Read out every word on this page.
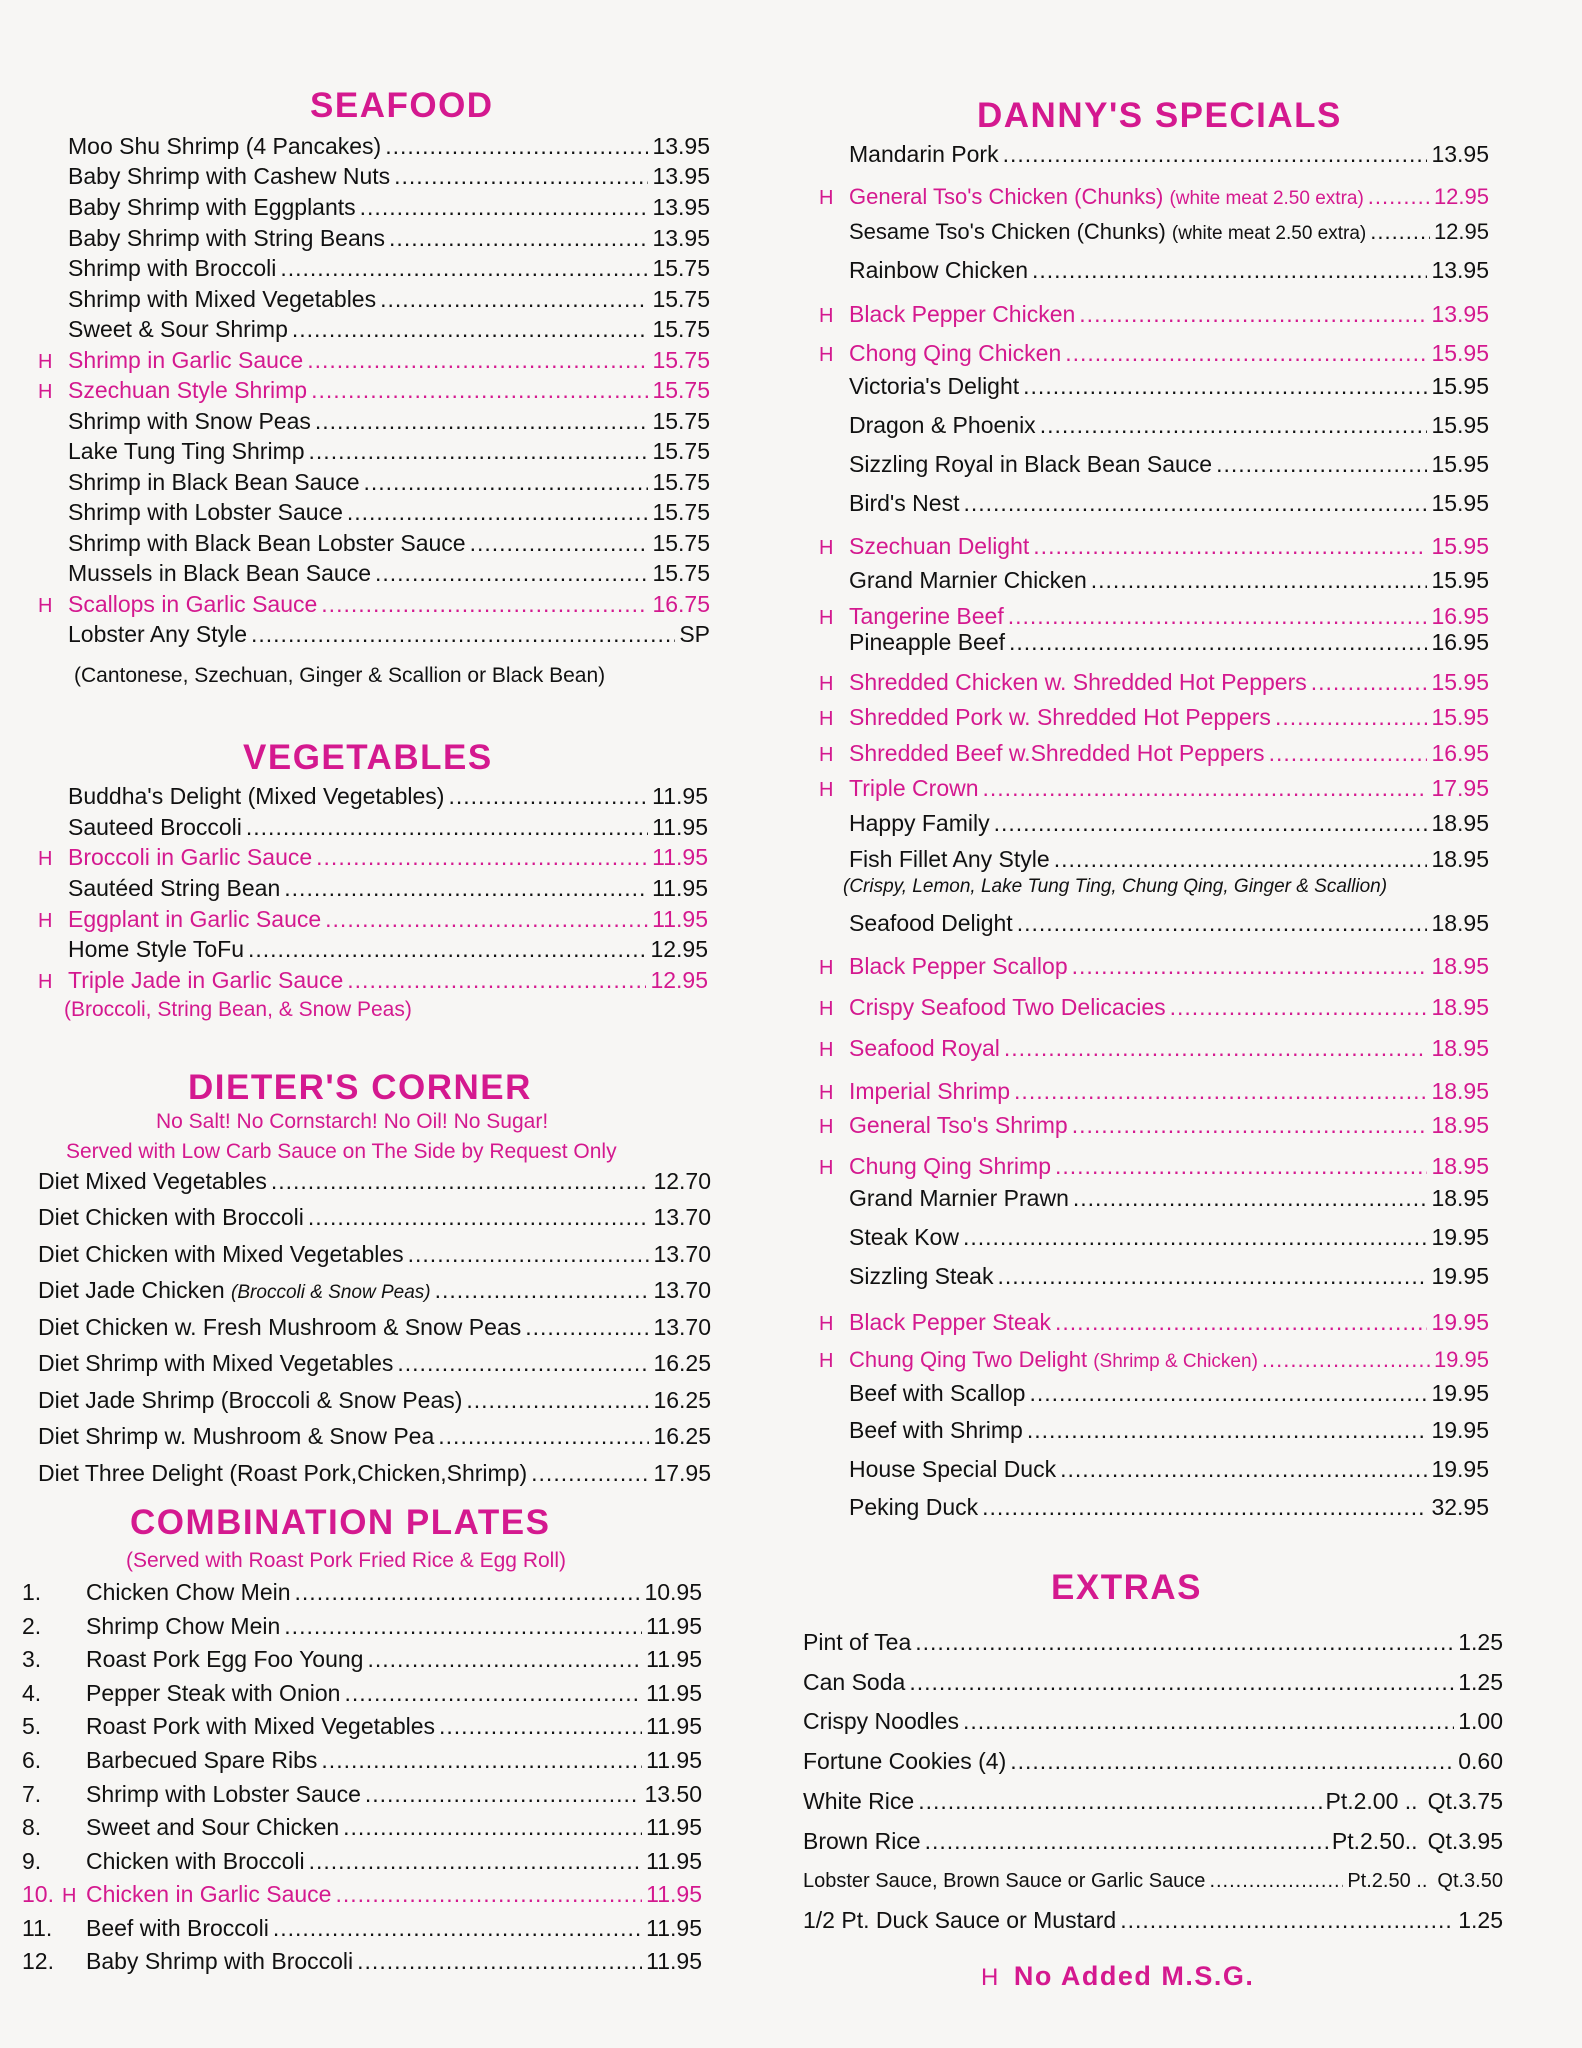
SEAFOOD
Moo Shu Shrimp (4 Pancakes) .....	13.95
Baby Shrimp with Cashew Nuts .....	13.95
Baby Shrimp with Eggplants .....	13.95
Baby Shrimp with String Beans .....	13.95
Shrimp with Broccoli .....	15.75
Shrimp with Mixed Vegetables .....	15.75
Sweet & Sour Shrimp .....	15.75
H Shrimp in Garlic Sauce .....	15.75
H Szechuan Style Shrimp .....	15.75
Shrimp with Snow Peas .....	15.75
Lake Tung Ting Shrimp .....	15.75
Shrimp in Black Bean Sauce .....	15.75
Shrimp with Lobster Sauce .....	15.75
Shrimp with Black Bean Lobster Sauce .....	15.75
Mussels in Black Bean Sauce .....	15.75
H Scallops in Garlic Sauce .....	16.75
Lobster Any Style .....	SP
(Cantonese, Szechuan, Ginger & Scallion or Black Bean)
VEGETABLES
Buddha's Delight (Mixed Vegetables) .....	11.95
Sauteed Broccoli .....	11.95
H Broccoli in Garlic Sauce .....	11.95
Sautéed String Bean .....	11.95
H Eggplant in Garlic Sauce .....	11.95
Home Style ToFu .....	12.95
H Triple Jade in Garlic Sauce .....	12.95
(Broccoli, String Bean, & Snow Peas)
DIETER'S CORNER
No Salt! No Cornstarch! No Oil! No Sugar!
Served with Low Carb Sauce on The Side by Request Only
Diet Mixed Vegetables .....	12.70
Diet Chicken with Broccoli .....	13.70
Diet Chicken with Mixed Vegetables .....	13.70
Diet Jade Chicken (Broccoli & Snow Peas) .....	13.70
Diet Chicken w. Fresh Mushroom & Snow Peas .....	13.70
Diet Shrimp with Mixed Vegetables .....	16.25
Diet Jade Shrimp (Broccoli & Snow Peas) .....	16.25
Diet Shrimp w. Mushroom & Snow Pea .....	16.25
Diet Three Delight (Roast Pork,Chicken,Shrimp) .....	17.95
COMBINATION PLATES
(Served with Roast Pork Fried Rice & Egg Roll)
1.	Chicken Chow Mein .....	10.95
2.	Shrimp Chow Mein .....	11.95
3.	Roast Pork Egg Foo Young .....	11.95
4.	Pepper Steak with Onion .....	11.95
5.	Roast Pork with Mixed Vegetables .....	11.95
6.	Barbecued Spare Ribs .....	11.95
7.	Shrimp with Lobster Sauce .....	13.50
8.	Sweet and Sour Chicken .....	11.95
9.	Chicken with Broccoli .....	11.95
10. H Chicken in Garlic Sauce .....	11.95
11.	Beef with Broccoli .....	11.95
12.	Baby Shrimp with Broccoli .....	11.95
DANNY'S SPECIALS
Mandarin Pork .....	13.95
H General Tso's Chicken (Chunks) (white meat 2.50 extra) .....	12.95
Sesame Tso's Chicken (Chunks) (white meat 2.50 extra) .....	12.95
Rainbow Chicken .....	13.95
H Black Pepper Chicken .....	13.95
H Chong Qing Chicken .....	15.95
Victoria's Delight .....	15.95
Dragon & Phoenix .....	15.95
Sizzling Royal in Black Bean Sauce .....	15.95
Bird's Nest .....	15.95
H Szechuan Delight .....	15.95
Grand Marnier Chicken .....	15.95
H Tangerine Beef .....	16.95
Pineapple Beef .....	16.95
H Shredded Chicken w. Shredded Hot Peppers .....	15.95
H Shredded Pork w. Shredded Hot Peppers .....	15.95
H Shredded Beef w.Shredded Hot Peppers .....	16.95
H Triple Crown .....	17.95
Happy Family .....	18.95
Fish Fillet Any Style .....	18.95
Seafood Delight .....	18.95
H Black Pepper Scallop .....	18.95
H Crispy Seafood Two Delicacies .....	18.95
H Seafood Royal .....	18.95
H Imperial Shrimp .....	18.95
H General Tso's Shrimp .....	18.95
H Chung Qing Shrimp .....	18.95
Grand Marnier Prawn .....	18.95
Steak Kow .....	19.95
Sizzling Steak .....	19.95
H Black Pepper Steak .....	19.95
H Chung Qing Two Delight (Shrimp & Chicken) .....	19.95
Beef with Scallop .....	19.95
Beef with Shrimp .....	19.95
House Special Duck .....	19.95
Peking Duck .....	32.95
(Crispy, Lemon, Lake Tung Ting, Chung Qing, Ginger & Scallion)
EXTRAS
Pint of Tea .....	1.25
Can Soda .....	1.25
Crispy Noodles .....	1.00
Fortune Cookies (4) .....	0.60
White Rice .....	Pt.2.00 .. Qt.3.75
Brown Rice .....	Pt.2.50.. Qt.3.95
Lobster Sauce, Brown Sauce or Garlic Sauce .....	Pt.2.50 .. Qt.3.50
1/2 Pt. Duck Sauce or Mustard .....	1.25
H No Added M.S.G.
